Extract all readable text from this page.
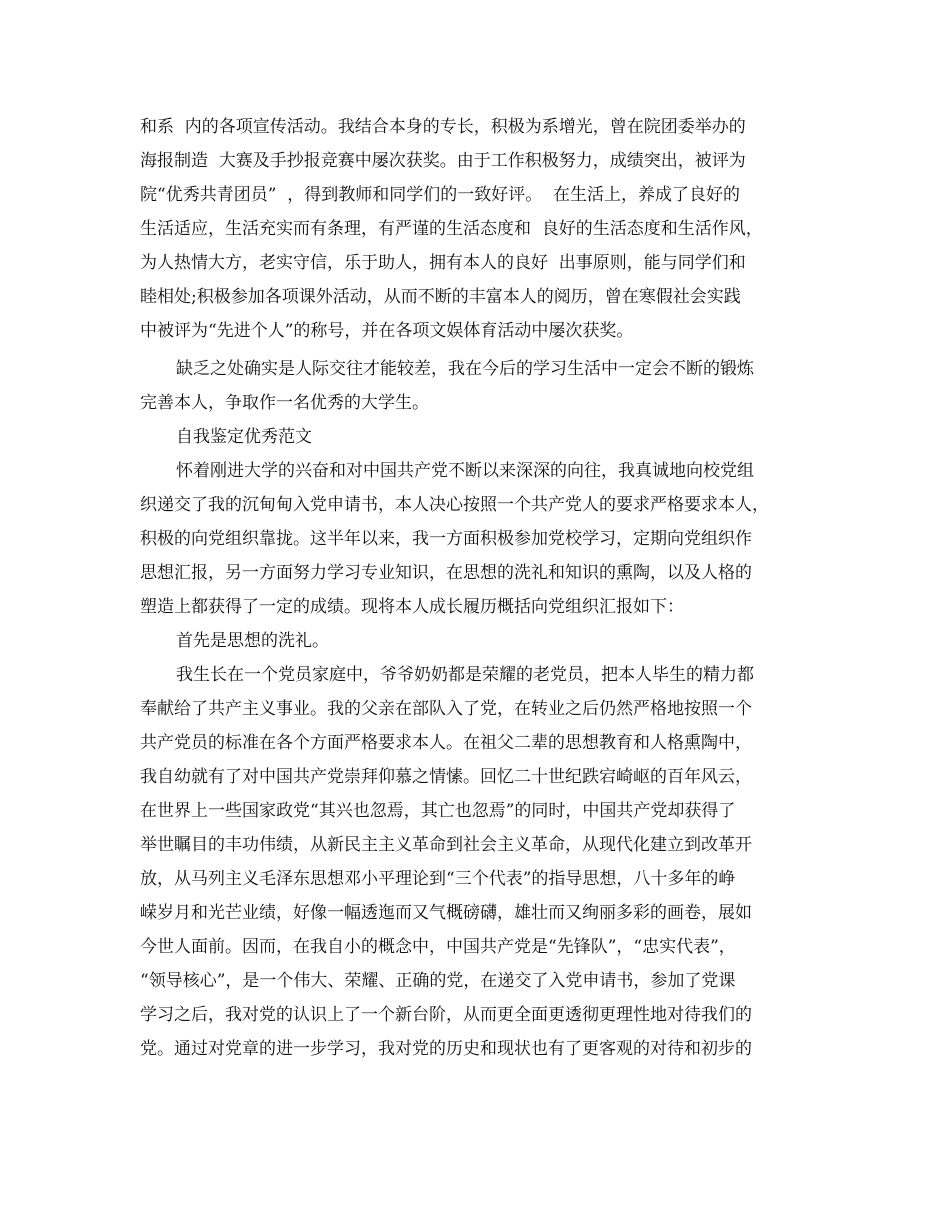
和系  内的各项宣传活动。我结合本身的专长，积极为系增光，曾在院团委举办的
海报制造  大赛及手抄报竞赛中屡次获奖。由于工作积极努力，成绩突出，被评为
院“优秀共青团员”  ，得到教师和同学们的一致好评。  在生活上，养成了良好的
生活适应，生活充实而有条理，有严谨的生活态度和  良好的生活态度和生活作风，
为人热情大方，老实守信，乐于助人，拥有本人的良好  出事原则，能与同学们和
睦相处;积极参加各项课外活动，从而不断的丰富本人的阅历，曾在寒假社会实践
中被评为“先进个人”的称号，并在各项文娱体育活动中屡次获奖。
缺乏之处确实是人际交往才能较差，我在今后的学习生活中一定会不断的锻炼
完善本人，争取作一名优秀的大学生。
自我鉴定优秀范文
怀着刚进大学的兴奋和对中国共产党不断以来深深的向往，我真诚地向校党组
织递交了我的沉甸甸入党申请书，本人决心按照一个共产党人的要求严格要求本人，
积极的向党组织靠拢。这半年以来，我一方面积极参加党校学习，定期向党组织作
思想汇报，另一方面努力学习专业知识，在思想的洗礼和知识的熏陶，以及人格的
塑造上都获得了一定的成绩。现将本人成长履历概括向党组织汇报如下：
首先是思想的洗礼。
我生长在一个党员家庭中，爷爷奶奶都是荣耀的老党员，把本人毕生的精力都
奉献给了共产主义事业。我的父亲在部队入了党，在转业之后仍然严格地按照一个
共产党员的标准在各个方面严格要求本人。在祖父二辈的思想教育和人格熏陶中，
我自幼就有了对中国共产党崇拜仰慕之情愫。回忆二十世纪跌宕崎岖的百年风云，
在世界上一些国家政党“其兴也忽焉，其亡也忽焉”的同时，中国共产党却获得了
举世瞩目的丰功伟绩，从新民主主义革命到社会主义革命，从现代化建立到改革开
放，从马列主义毛泽东思想邓小平理论到“三个代表”的指导思想，八十多年的峥
嵘岁月和光芒业绩，好像一幅透迤而又气概磅礴，雄壮而又绚丽多彩的画卷，展如
今世人面前。因而，在我自小的概念中，中国共产党是“先锋队”，“忠实代表”，
“领导核心”，是一个伟大、荣耀、正确的党，在递交了入党申请书，参加了党课
学习之后，我对党的认识上了一个新台阶，从而更全面更透彻更理性地对待我们的
党。通过对党章的进一步学习，我对党的历史和现状也有了更客观的对待和初步的
